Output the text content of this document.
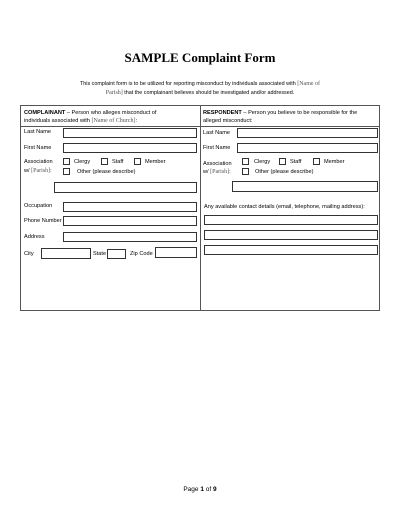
SAMPLE Complaint Form
This complaint form is to be utilized for reporting misconduct by individuals associated with [Name of
Parish] that the complainant believes should be investigated and/or addressed.
COMPLAINANT – Person who alleges misconduct of
individuals associated with [Name of Church]:
Last Name
First Name
Association
w/ [Parish]:
Clergy	Staff	Member
Other (please describe)
Occupation
Phone Number
Address
City	State	Zip Code
RESPONDENT – Person you believe to be responsible for the
alleged misconduct:
Last Name
First Name
Association
w/ [Parish]:
Clergy	Staff	Member
Other (please describe)
Any available contact details (email, telephone, mailing address):
Page 1 of 9
